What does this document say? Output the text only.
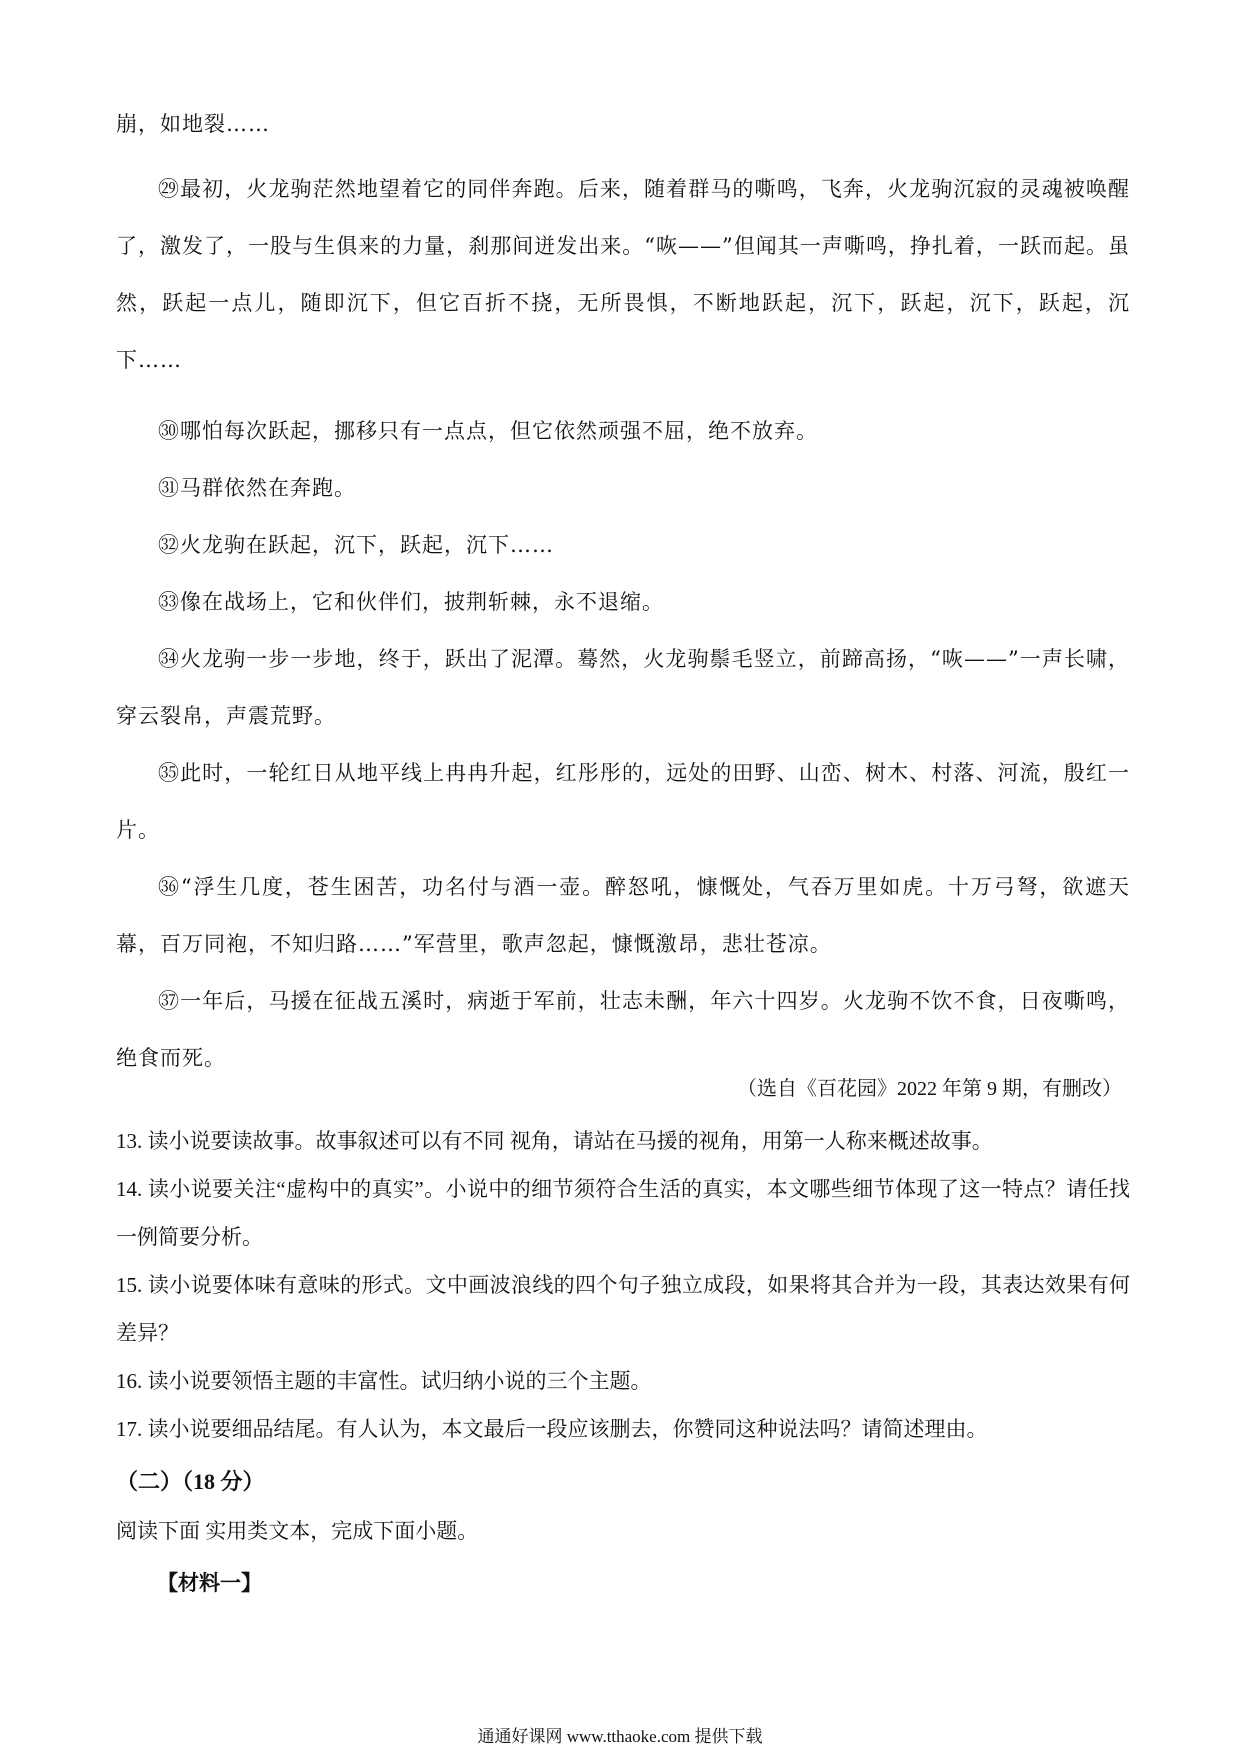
崩，如地裂……

㉙最初，火龙驹茫然地望着它的同伴奔跑。后来，随着群马的嘶鸣，飞奔，火龙驹沉寂的灵魂被唤醒了，激发了，一股与生俱来的力量，刹那间迸发出来。“咴——”但闻其一声嘶鸣，挣扎着，一跃而起。虽然，跃起一点儿，随即沉下，但它百折不挠，无所畏惧，不断地跃起，沉下，跃起，沉下，跃起，沉下……

㉚哪怕每次跃起，挪移只有一点点，但它依然顽强不屈，绝不放弃。

㉛马群依然在奔跑。

㉜火龙驹在跃起，沉下，跃起，沉下……

㉝像在战场上，它和伙伴们，披荆斩棘，永不退缩。

㉞火龙驹一步一步地，终于，跃出了泥潭。蓦然，火龙驹鬃毛竖立，前蹄高扬，“咴——”一声长啸，穿云裂帛，声震荒野。

㉟此时，一轮红日从地平线上冉冉升起，红彤彤的，远处的田野、山峦、树木、村落、河流，殷红一片。

㊱“浮生几度，苍生困苦，功名付与酒一壶。醉怒吼，慷慨处，气吞万里如虎。十万弓弩，欲遮天幕，百万同袍，不知归路……”军营里，歌声忽起，慷慨激昂，悲壮苍凉。

㊲一年后，马援在征战五溪时，病逝于军前，壮志未酬，年六十四岁。火龙驹不饮不食，日夜嘶鸣，绝食而死。

（选自《百花园》2022 年第 9 期，有删改）

13. 读小说要读故事。故事叙述可以有不同 视角，请站在马援的视角，用第一人称来概述故事。

14. 读小说要关注“虚构中的真实”。小说中的细节须符合生活的真实，本文哪些细节体现了这一特点？请任找一例简要分析。

15. 读小说要体味有意味的形式。文中画波浪线的四个句子独立成段，如果将其合并为一段，其表达效果有何差异？

16. 读小说要领悟主题的丰富性。试归纳小说的三个主题。

17. 读小说要细品结尾。有人认为，本文最后一段应该删去，你赞同这种说法吗？请简述理由。

（二）（18 分）
阅读下面 实用类文本，完成下面小题。
【材料一】
通通好课网 www.tthaoke.com 提供下载
